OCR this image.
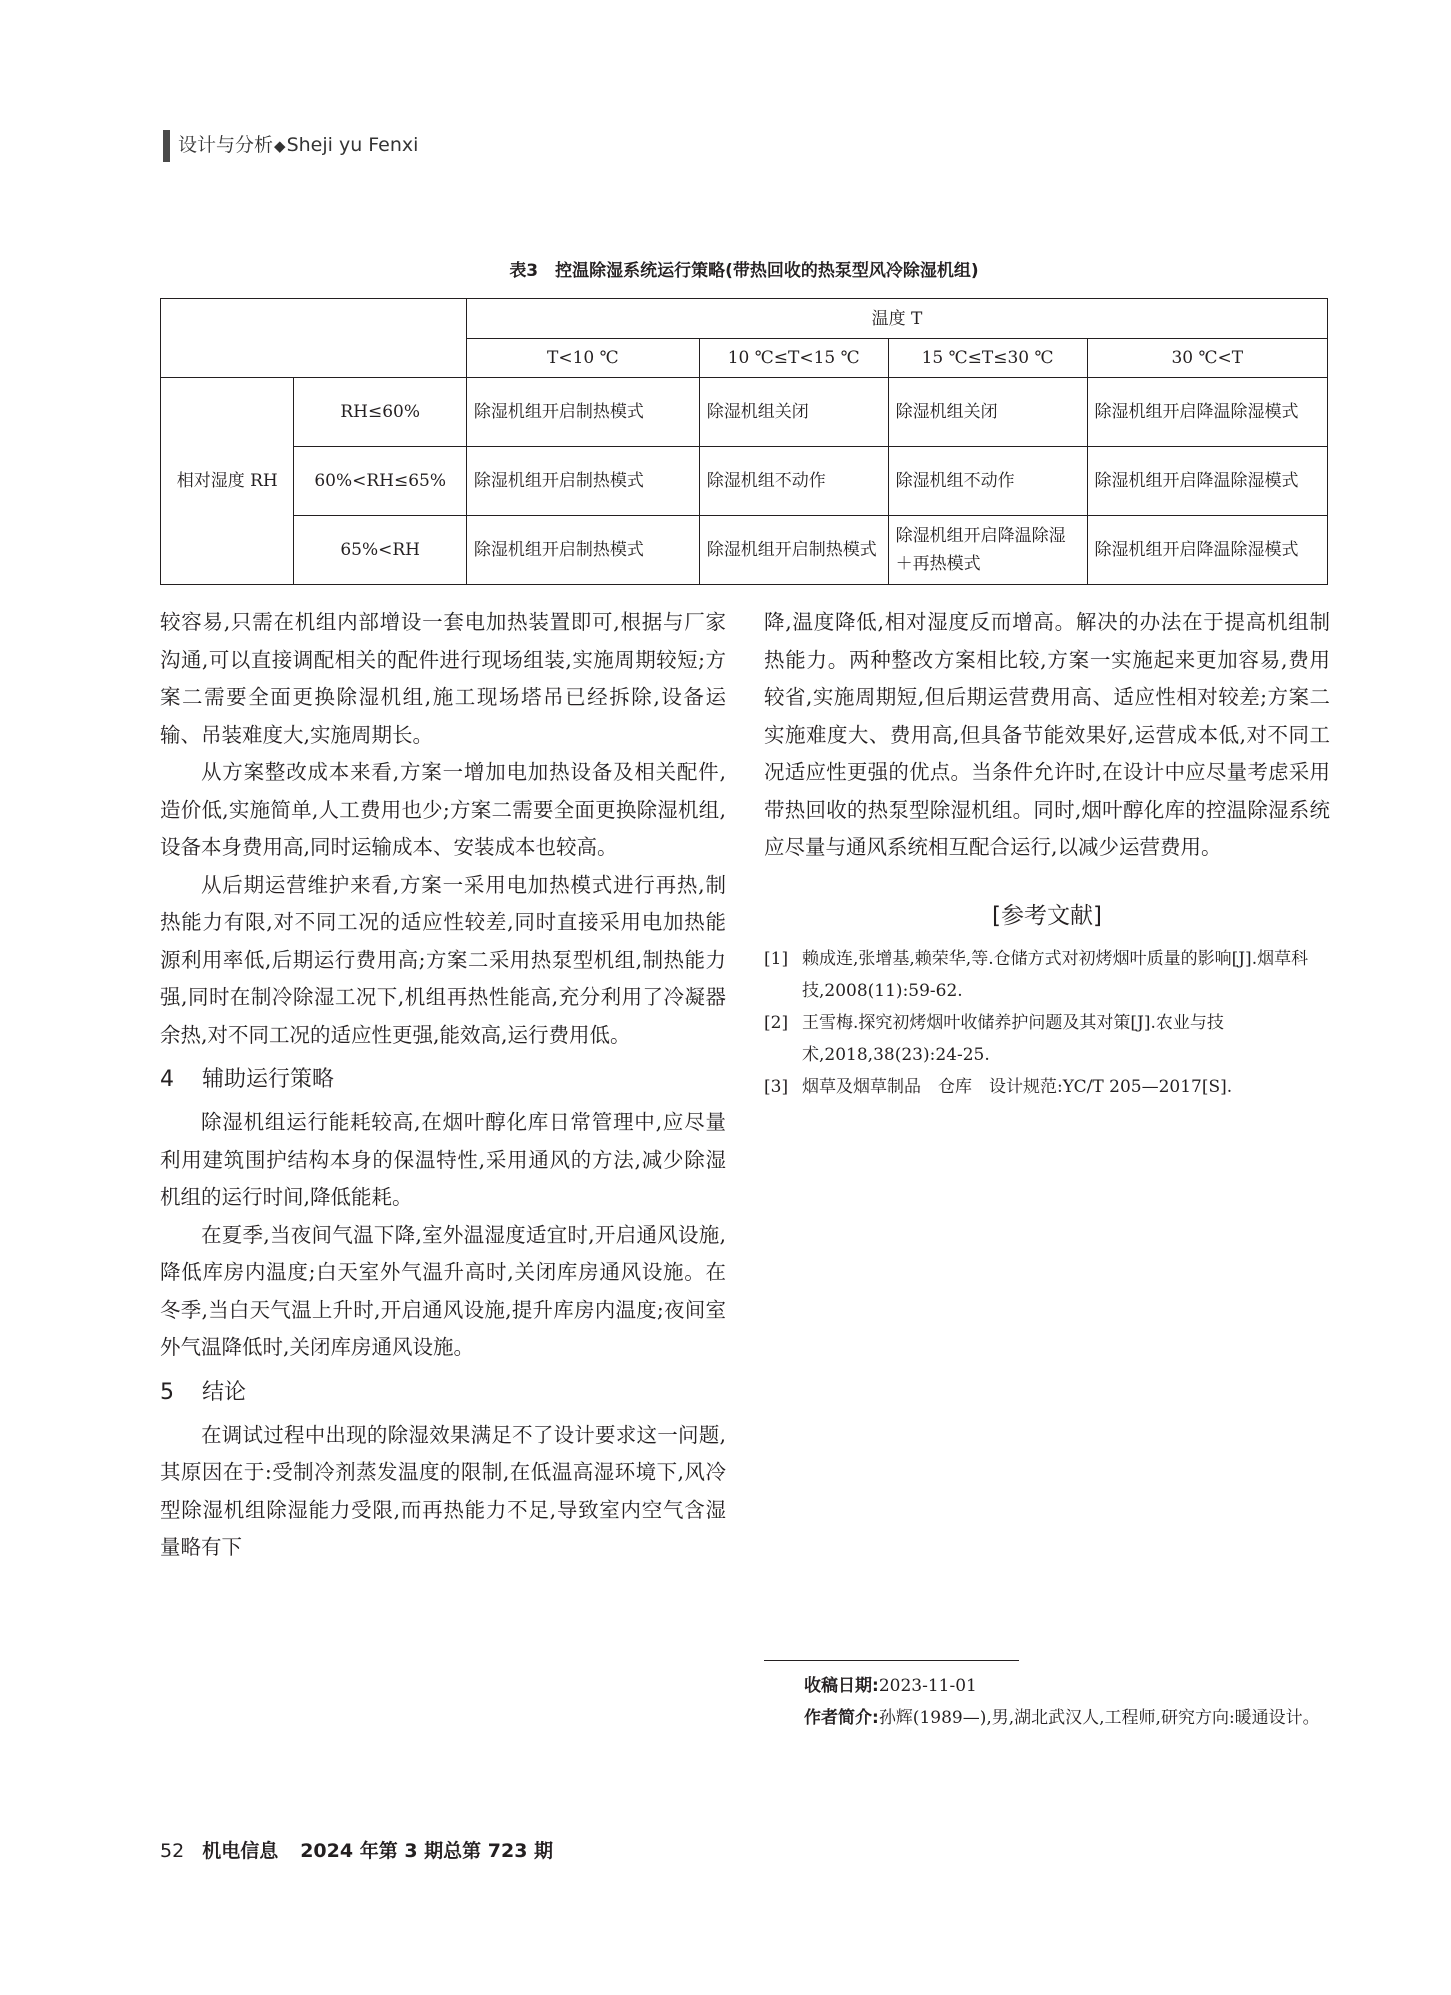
设计与分析◆Sheji yu Fenxi
表3　控温除湿系统运行策略(带热回收的热泵型风冷除湿机组)
		温度 T			
		T<10 ℃	10 ℃≤T<15 ℃	15 ℃≤T≤30 ℃	30 ℃<T
相对湿度 RH	RH≤60%	除湿机组开启制热模式	除湿机组关闭	除湿机组关闭	除湿机组开启降温除湿模式
	60%<RH≤65%	除湿机组开启制热模式	除湿机组不动作	除湿机组不动作	除湿机组开启降温除湿模式
	65%<RH	除湿机组开启制热模式	除湿机组开启制热模式	除湿机组开启降温除湿＋再热模式	除湿机组开启降温除湿模式

较容易,只需在机组内部增设一套电加热装置即可,根据与厂家沟通,可以直接调配相关的配件进行现场组装,实施周期较短;方案二需要全面更换除湿机组,施工现场塔吊已经拆除,设备运输、吊装难度大,实施周期长。

从方案整改成本来看,方案一增加电加热设备及相关配件,造价低,实施简单,人工费用也少;方案二需要全面更换除湿机组,设备本身费用高,同时运输成本、安装成本也较高。

从后期运营维护来看,方案一采用电加热模式进行再热,制热能力有限,对不同工况的适应性较差,同时直接采用电加热能源利用率低,后期运行费用高;方案二采用热泵型机组,制热能力强,同时在制冷除湿工况下,机组再热性能高,充分利用了冷凝器余热,对不同工况的适应性更强,能效高,运行费用低。

4 辅助运行策略

除湿机组运行能耗较高,在烟叶醇化库日常管理中,应尽量利用建筑围护结构本身的保温特性,采用通风的方法,减少除湿机组的运行时间,降低能耗。

在夏季,当夜间气温下降,室外温湿度适宜时,开启通风设施,降低库房内温度;白天室外气温升高时,关闭库房通风设施。在冬季,当白天气温上升时,开启通风设施,提升库房内温度;夜间室外气温降低时,关闭库房通风设施。

5 结论

在调试过程中出现的除湿效果满足不了设计要求这一问题,其原因在于:受制冷剂蒸发温度的限制,在低温高湿环境下,风冷型除湿机组除湿能力受限,而再热能力不足,导致室内空气含湿量略有下

降,温度降低,相对湿度反而增高。解决的办法在于提高机组制热能力。两种整改方案相比较,方案一实施起来更加容易,费用较省,实施周期短,但后期运营费用高、适应性相对较差;方案二实施难度大、费用高,但具备节能效果好,运营成本低,对不同工况适应性更强的优点。当条件允许时,在设计中应尽量考虑采用带热回收的热泵型除湿机组。同时,烟叶醇化库的控温除湿系统应尽量与通风系统相互配合运行,以减少运营费用。

[参考文献]
[1] 赖成连,张增基,赖荣华,等.仓储方式对初烤烟叶质量的影响[J].烟草科技,2008(11):59-62.
[2] 王雪梅.探究初烤烟叶收储养护问题及其对策[J].农业与技术,2018,38(23):24-25.
[3] 烟草及烟草制品　仓库　设计规范:YC/T 205—2017[S].
收稿日期:2023-11-01
作者简介:孙辉(1989—),男,湖北武汉人,工程师,研究方向:暖通设计。
52 机电信息 2024 年第 3 期总第 723 期
